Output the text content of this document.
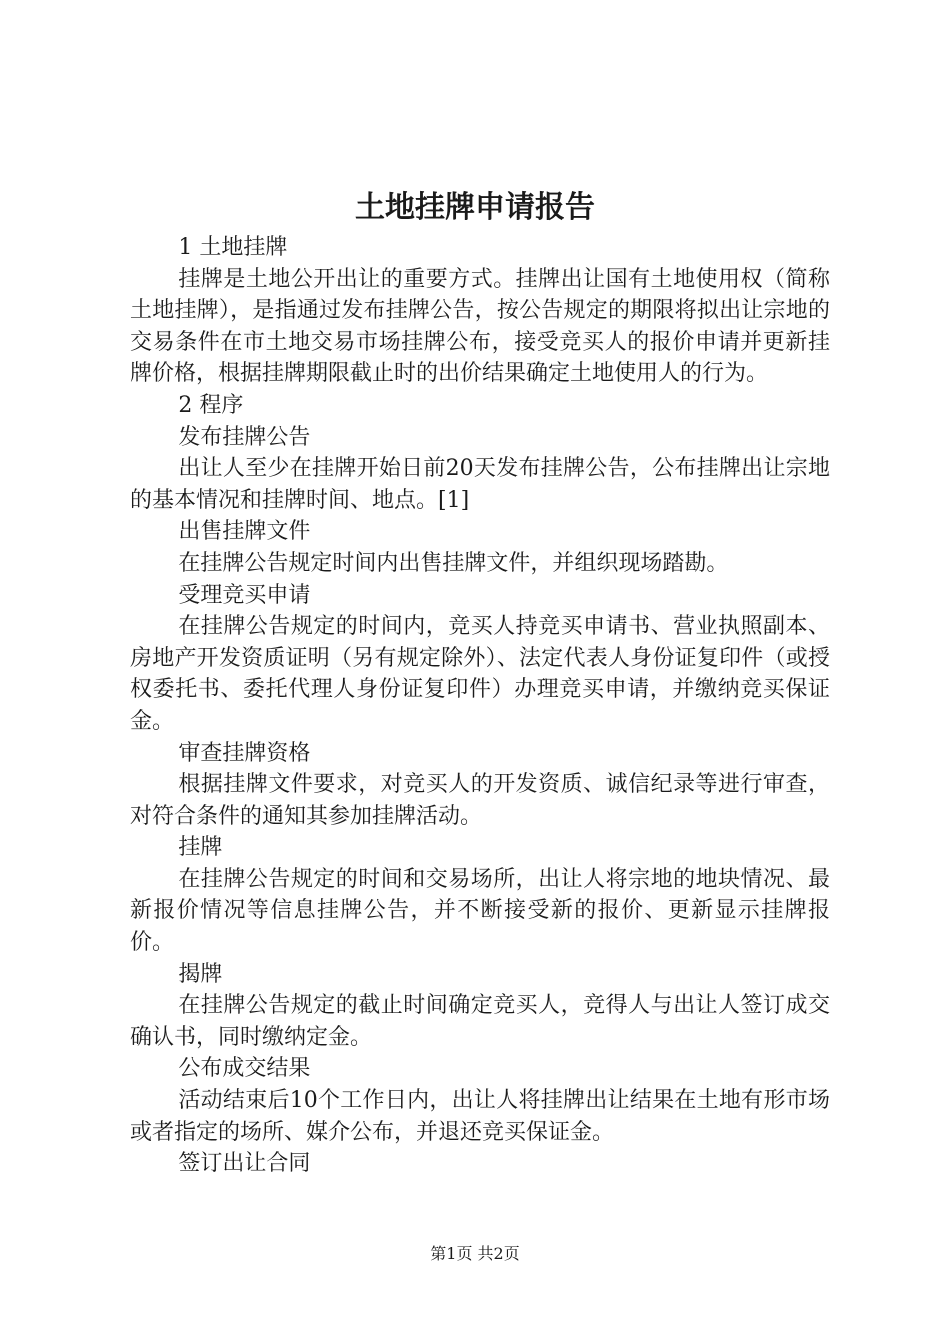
土地挂牌申请报告

1 土地挂牌

挂牌是土地公开出让的重要方式。挂牌出让国有土地使用权（简称土地挂牌），是指通过发布挂牌公告，按公告规定的期限将拟出让宗地的交易条件在市土地交易市场挂牌公布，接受竞买人的报价申请并更新挂牌价格，根据挂牌期限截止时的出价结果确定土地使用人的行为。

2 程序

发布挂牌公告

出让人至少在挂牌开始日前20天发布挂牌公告，公布挂牌出让宗地的基本情况和挂牌时间、地点。[1]

出售挂牌文件

在挂牌公告规定时间内出售挂牌文件，并组织现场踏勘。

受理竞买申请

在挂牌公告规定的时间内，竞买人持竞买申请书、营业执照副本、房地产开发资质证明（另有规定除外）、法定代表人身份证复印件（或授权委托书、委托代理人身份证复印件）办理竞买申请，并缴纳竞买保证金。

审查挂牌资格

根据挂牌文件要求，对竞买人的开发资质、诚信纪录等进行审查，对符合条件的通知其参加挂牌活动。

挂牌

在挂牌公告规定的时间和交易场所，出让人将宗地的地块情况、最新报价情况等信息挂牌公告，并不断接受新的报价、更新显示挂牌报价。

揭牌

在挂牌公告规定的截止时间确定竞买人，竞得人与出让人签订成交确认书，同时缴纳定金。

公布成交结果

活动结束后10个工作日内，出让人将挂牌出让结果在土地有形市场或者指定的场所、媒介公布，并退还竞买保证金。

签订出让合同

第1页 共2页
